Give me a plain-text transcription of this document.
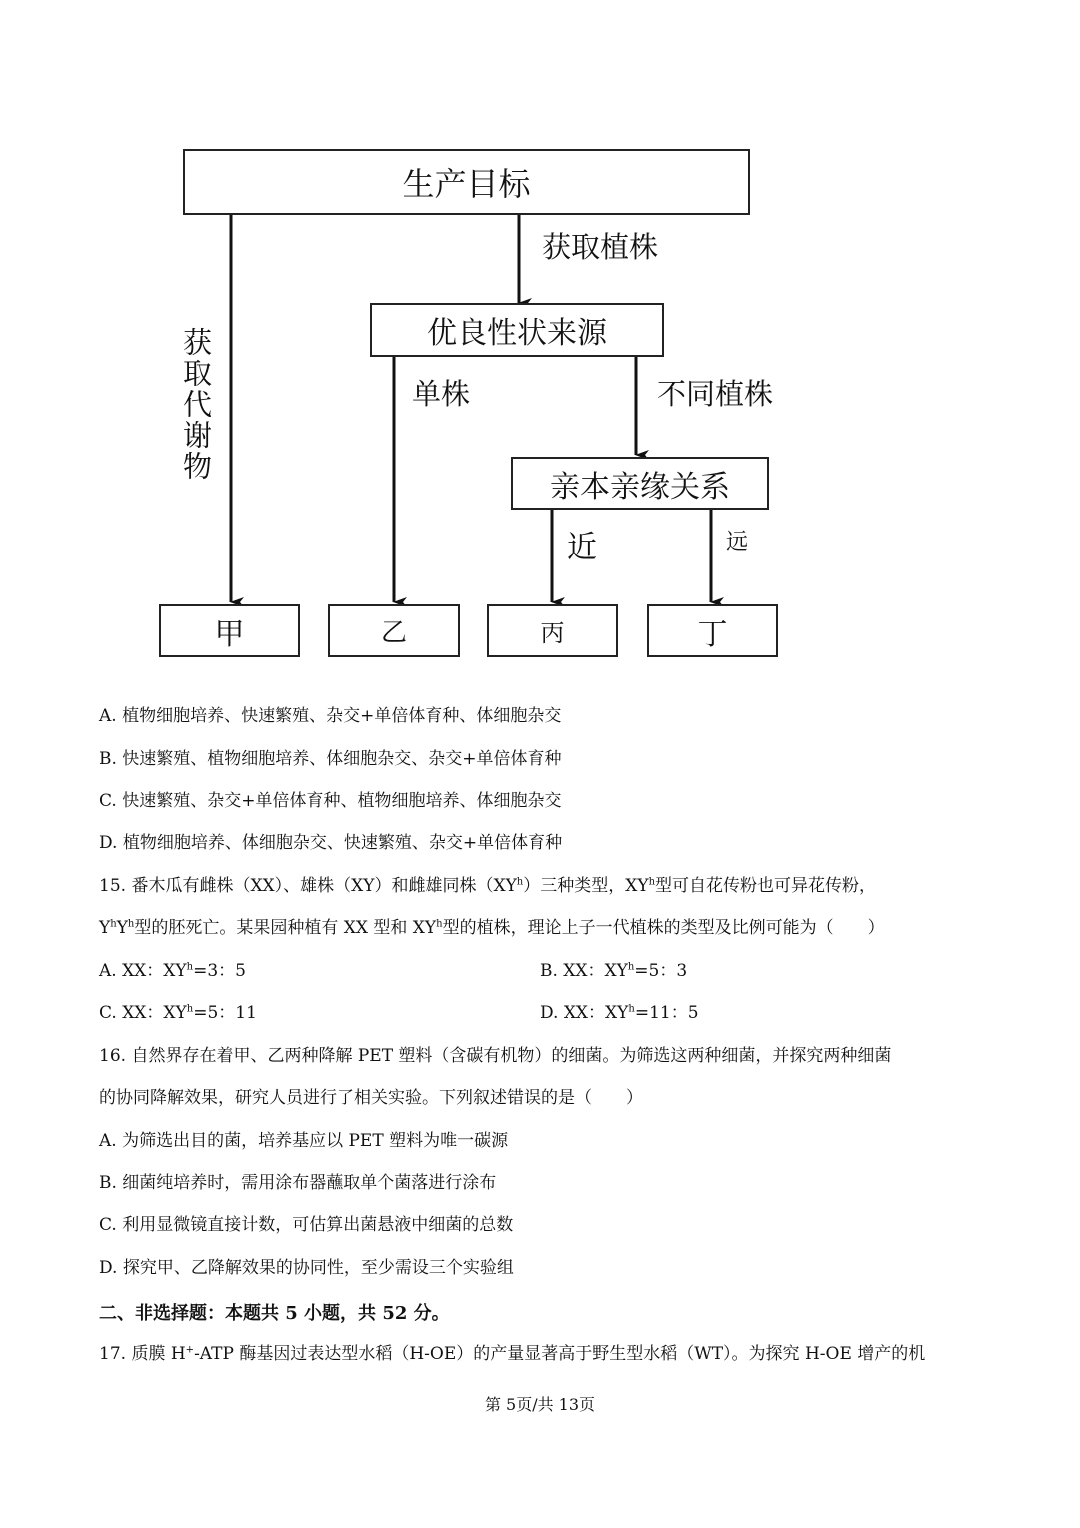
生产目标
优良性状来源
亲本亲缘关系
甲	乙	丙	丁
获取植株
获取代谢物	单株	不同植株
近	远
A. 植物细胞培养、快速繁殖、杂交+单倍体育种、体细胞杂交
B. 快速繁殖、植物细胞培养、体细胞杂交、杂交+单倍体育种
C. 快速繁殖、杂交+单倍体育种、植物细胞培养、体细胞杂交
D. 植物细胞培养、体细胞杂交、快速繁殖、杂交+单倍体育种
15. 番木瓜有雌株（XX）、雄株（XY）和雌雄同株$(XY^h)$三种类型，$XY^h$型可自花传粉也可异花传粉，
$Y^hY^h$型的胚死亡。某果园种植有 XX 型和 $XY^h$型的植株，理论上子一代植株的类型及比例可能为（　　）
A. XX：$XY^h=3$：5	B. XX：$XY^h=5$：3
C. XX：$XY^h=5$：11	D. XX：$XY^h=11$：5
16. 自然界存在着甲、乙两种降解 PET 塑料（含碳有机物）的细菌。为筛选这两种细菌，并探究两种细菌
的协同降解效果，研究人员进行了相关实验。下列叙述错误的是（　　）
A. 为筛选出目的菌，培养基应以 PET 塑料为唯一碳源
B. 细菌纯培养时，需用涂布器蘸取单个菌落进行涂布
C. 利用显微镜直接计数，可估算出菌悬液中细菌的总数
D. 探究甲、乙降解效果的协同性，至少需设三个实验组
二、非选择题：本题共 5 小题，共 52 分。
17. 质膜 H+-ATP 酶基因过表达型水稻（H-OE）的产量显著高于野生型水稻（WT）。为探究 H-OE 增产的机
第 5页/共 13页
